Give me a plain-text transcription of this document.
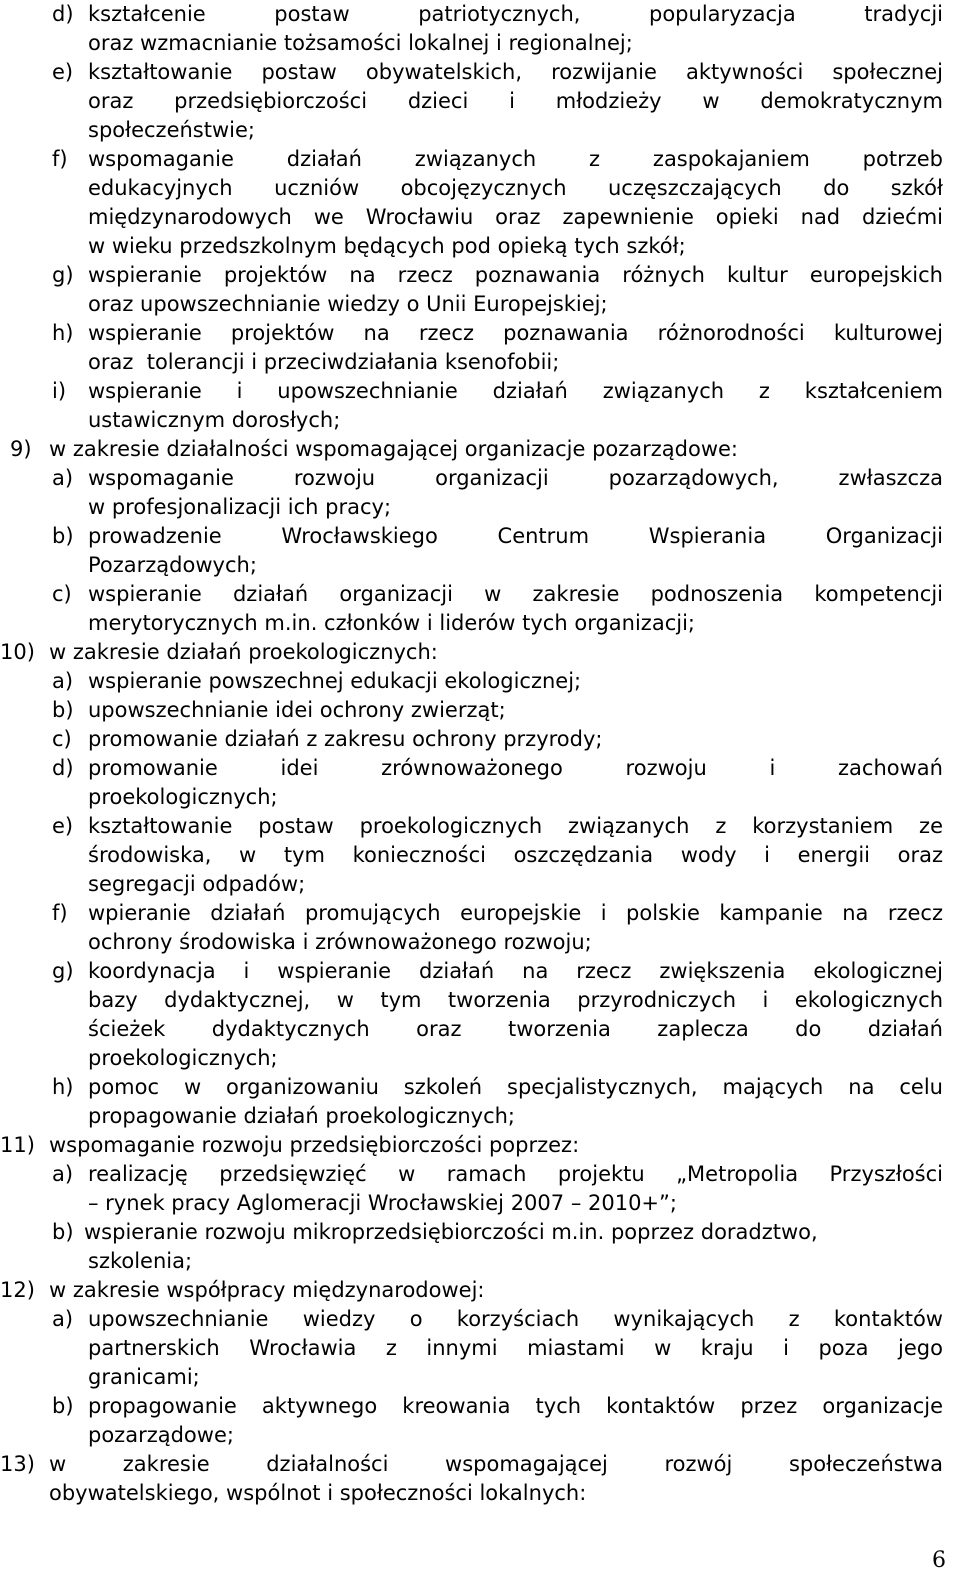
d) kształcenie postaw patriotycznych, popularyzacja tradycji
oraz wzmacnianie tożsamości lokalnej i regionalnej;
e) kształtowanie postaw obywatelskich, rozwijanie aktywności społecznej
oraz przedsiębiorczości dzieci i młodzieży w demokratycznym
społeczeństwie;
f) wspomaganie działań związanych z zaspokajaniem potrzeb
edukacyjnych uczniów obcojęzycznych uczęszczających do szkół
międzynarodowych we Wrocławiu oraz zapewnienie opieki nad dziećmi
w wieku przedszkolnym będących pod opieką tych szkół;
g) wspieranie projektów na rzecz poznawania różnych kultur europejskich
oraz upowszechnianie wiedzy o Unii Europejskiej;
h) wspieranie projektów na rzecz poznawania różnorodności kulturowej
oraz  tolerancji i przeciwdziałania ksenofobii;
i) wspieranie i upowszechnianie działań związanych z kształceniem
ustawicznym dorosłych;
9) w zakresie działalności wspomagającej organizacje pozarządowe:
a) wspomaganie rozwoju organizacji pozarządowych, zwłaszcza
w profesjonalizacji ich pracy;
b) prowadzenie Wrocławskiego Centrum Wspierania Organizacji
Pozarządowych;
c) wspieranie działań organizacji w zakresie podnoszenia kompetencji
merytorycznych m.in. członków i liderów tych organizacji;
10) w zakresie działań proekologicznych:
a) wspieranie powszechnej edukacji ekologicznej;
b) upowszechnianie idei ochrony zwierząt;
c) promowanie działań z zakresu ochrony przyrody;
d) promowanie idei zrównoważonego rozwoju i zachowań
proekologicznych;
e) kształtowanie postaw proekologicznych związanych z korzystaniem ze
środowiska, w tym konieczności oszczędzania wody i energii oraz
segregacji odpadów;
f) wpieranie działań promujących europejskie i polskie kampanie na rzecz
ochrony środowiska i zrównoważonego rozwoju;
g) koordynacja i wspieranie działań na rzecz zwiększenia ekologicznej
bazy dydaktycznej, w tym tworzenia przyrodniczych i ekologicznych
ścieżek dydaktycznych oraz tworzenia zaplecza do działań
proekologicznych;
h) pomoc w organizowaniu szkoleń specjalistycznych, mających na celu
propagowanie działań proekologicznych;
11) wspomaganie rozwoju przedsiębiorczości poprzez:
a) realizację przedsięwzięć w ramach projektu „Metropolia Przyszłości
– rynek pracy Aglomeracji Wrocławskiej 2007 – 2010+”;
b) wspieranie rozwoju mikroprzedsiębiorczości m.in. poprzez doradztwo,
szkolenia;
12) w zakresie współpracy międzynarodowej:
a) upowszechnianie wiedzy o korzyściach wynikających z kontaktów
partnerskich Wrocławia z innymi miastami w kraju i poza jego
granicami;
b) propagowanie aktywnego kreowania tych kontaktów przez organizacje
pozarządowe;
13) w zakresie działalności wspomagającej rozwój społeczeństwa
obywatelskiego, wspólnot i społeczności lokalnych:
6
